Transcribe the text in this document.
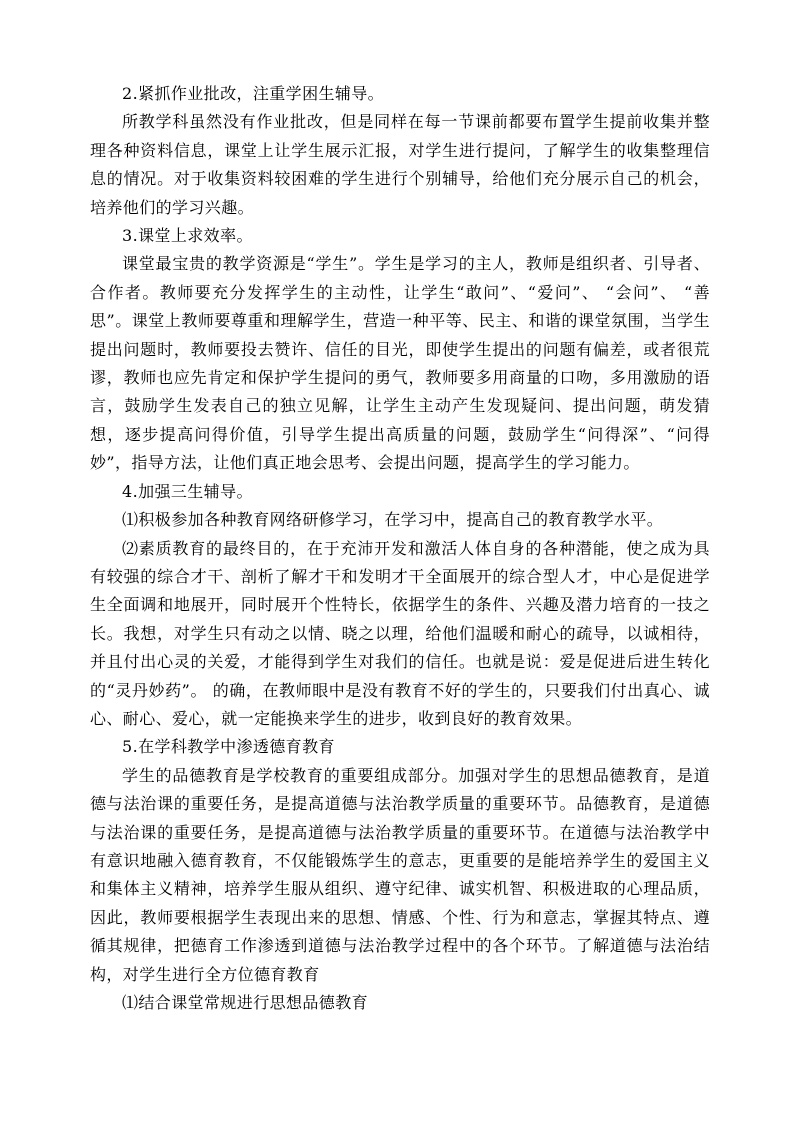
2.紧抓作业批改，注重学困生辅导。

所教学科虽然没有作业批改，但是同样在每一节课前都要布置学生提前收集并整理各种资料信息，课堂上让学生展示汇报，对学生进行提问，了解学生的收集整理信息的情况。对于收集资料较困难的学生进行个别辅导，给他们充分展示自己的机会，培养他们的学习兴趣。

3.课堂上求效率。

课堂最宝贵的教学资源是“学生”。学生是学习的主人，教师是组织者、引导者、合作者。教师要充分发挥学生的主动性，让学生“敢问”、“爱问”、 “会问”、 “善思”。课堂上教师要尊重和理解学生，营造一种平等、民主、和谐的课堂氛围，当学生提出问题时，教师要投去赞许、信任的目光，即使学生提出的问题有偏差，或者很荒谬，教师也应先肯定和保护学生提问的勇气，教师要多用商量的口吻，多用激励的语言，鼓励学生发表自己的独立见解，让学生主动产生发现疑问、提出问题，萌发猜想，逐步提高问得价值，引导学生提出高质量的问题，鼓励学生“问得深”、“问得妙”，指导方法，让他们真正地会思考、会提出问题，提高学生的学习能力。

4.加强三生辅导。

⑴积极参加各种教育网络研修学习，在学习中，提高自己的教育教学水平。

⑵素质教育的最终目的，在于充沛开发和激活人体自身的各种潜能，使之成为具有较强的综合才干、剖析了解才干和发明才干全面展开的综合型人才，中心是促进学生全面调和地展开，同时展开个性特长，依据学生的条件、兴趣及潜力培育的一技之长。我想，对学生只有动之以情、晓之以理，给他们温暖和耐心的疏导，以诚相待，并且付出心灵的关爱，才能得到学生对我们的信任。也就是说：爱是促进后进生转化的“灵丹妙药”。 的确，在教师眼中是没有教育不好的学生的，只要我们付出真心、诚心、耐心、爱心，就一定能换来学生的进步，收到良好的教育效果。

5.在学科教学中渗透德育教育

学生的品德教育是学校教育的重要组成部分。加强对学生的思想品德教育，是道德与法治课的重要任务，是提高道德与法治教学质量的重要环节。品德教育，是道德与法治课的重要任务，是提高道德与法治教学质量的重要环节。在道德与法治教学中有意识地融入德育教育，不仅能锻炼学生的意志，更重要的是能培养学生的爱国主义和集体主义精神，培养学生服从组织、遵守纪律、诚实机智、积极进取的心理品质，因此，教师要根据学生表现出来的思想、情感、个性、行为和意志，掌握其特点、遵循其规律，把德育工作渗透到道德与法治教学过程中的各个环节。了解道德与法治结构，对学生进行全方位德育教育

⑴结合课堂常规进行思想品德教育
